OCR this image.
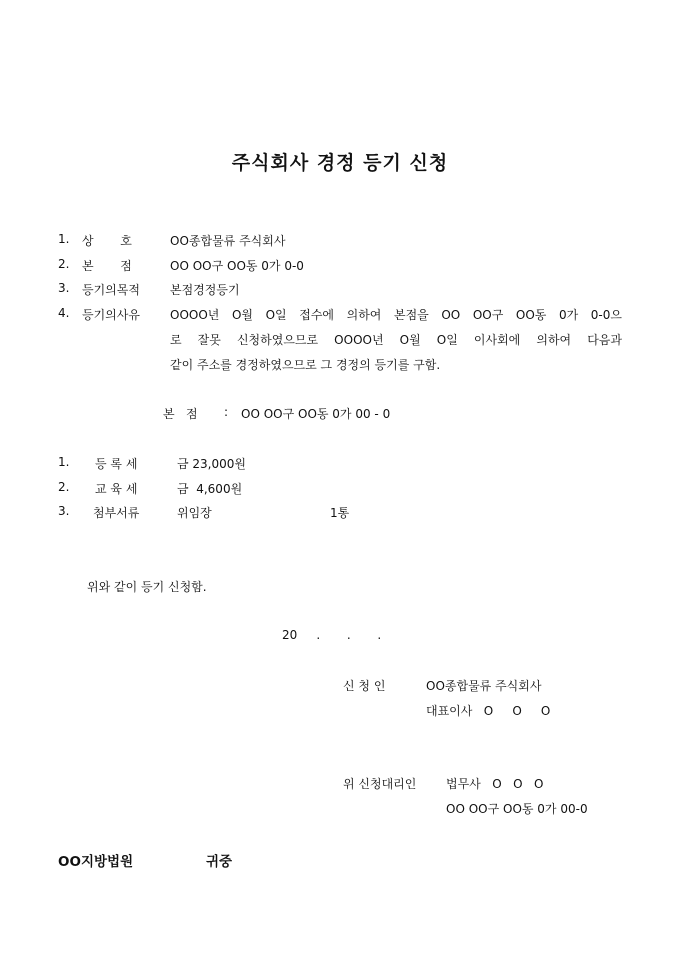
주식회사 경정 등기 신청
1.	상       호	OO종합물류 주식회사
2.	본       점	OO OO구 OO동 0가 0-0
3.	등기의목적	본점경정등기
4.	등기의사유	OOOO년 O월 O일 접수에 의하여 본점을 OO OO구 OO동 0가 0-0으
로 잘못 신청하였으므로 OOOO년 O월 O일 이사회에 의하여 다음과
같이 주소를 경정하였으므로 그 경정의 등기를 구함.
본   점 : OO OO구 OO동 0가 00 - 0
1.	등 록 세	금 23,000원
2.	교 육 세	금  4,600원
3.	첨부서류	위임장	1통
위와 같이 등기 신청함.
20     .       .       .
신 청 인	OO종합물류 주식회사
대표이사   O     O     O
위 신청대리인 법무사   O   O   O
OO OO구 OO동 0가 00-0
OO지방법원	귀중
